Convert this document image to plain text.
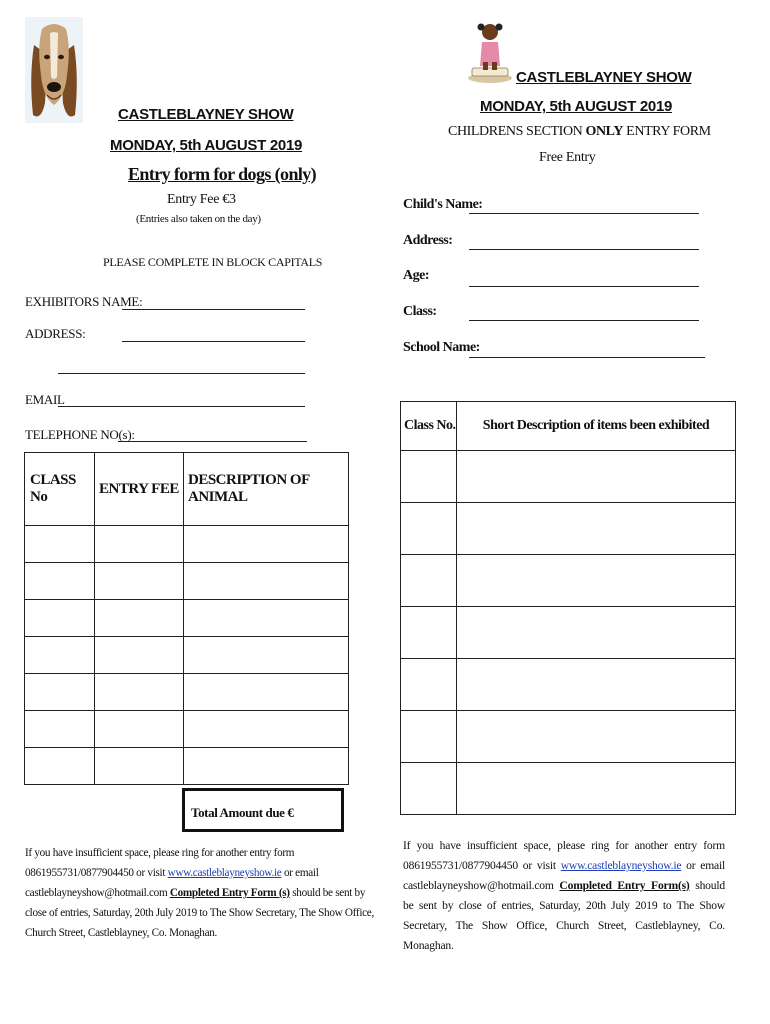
CASTLEBLAYNEY SHOW
MONDAY, 5th AUGUST 2019
Entry form for dogs (only)
Entry Fee €3
(Entries also taken on the day)
PLEASE COMPLETE IN BLOCK CAPITALS
EXHIBITORS NAME:
ADDRESS:
EMAIL
TELEPHONE NO(s):
CLASS No	ENTRY FEE	DESCRIPTION OF ANIMAL

Total Amount due €
If you have insufficient space, please ring for another entry form 0861955731/0877904450 or visit www.castleblayneyshow.ie or email castleblayneyshow@hotmail.com Completed Entry Form (s) should be sent by close of entries, Saturday, 20th July 2019 to The Show Secretary, The Show Office, Church Street, Castleblayney, Co. Monaghan.
CASTLEBLAYNEY SHOW
MONDAY, 5th AUGUST 2019
CHILDRENS SECTION ONLY ENTRY FORM
Free Entry
Child's Name:
Address:
Age:
Class:
School Name:
Class No.	Short Description of items been exhibited

If you have insufficient space, please ring for another entry form 0861955731/0877904450 or visit www.castleblayneyshow.ie or email castleblayneyshow@hotmail.com Completed Entry Form(s) should be sent by close of entries, Saturday, 20th July 2019 to The Show Secretary, The Show Office, Church Street, Castleblayney, Co. Monaghan.
